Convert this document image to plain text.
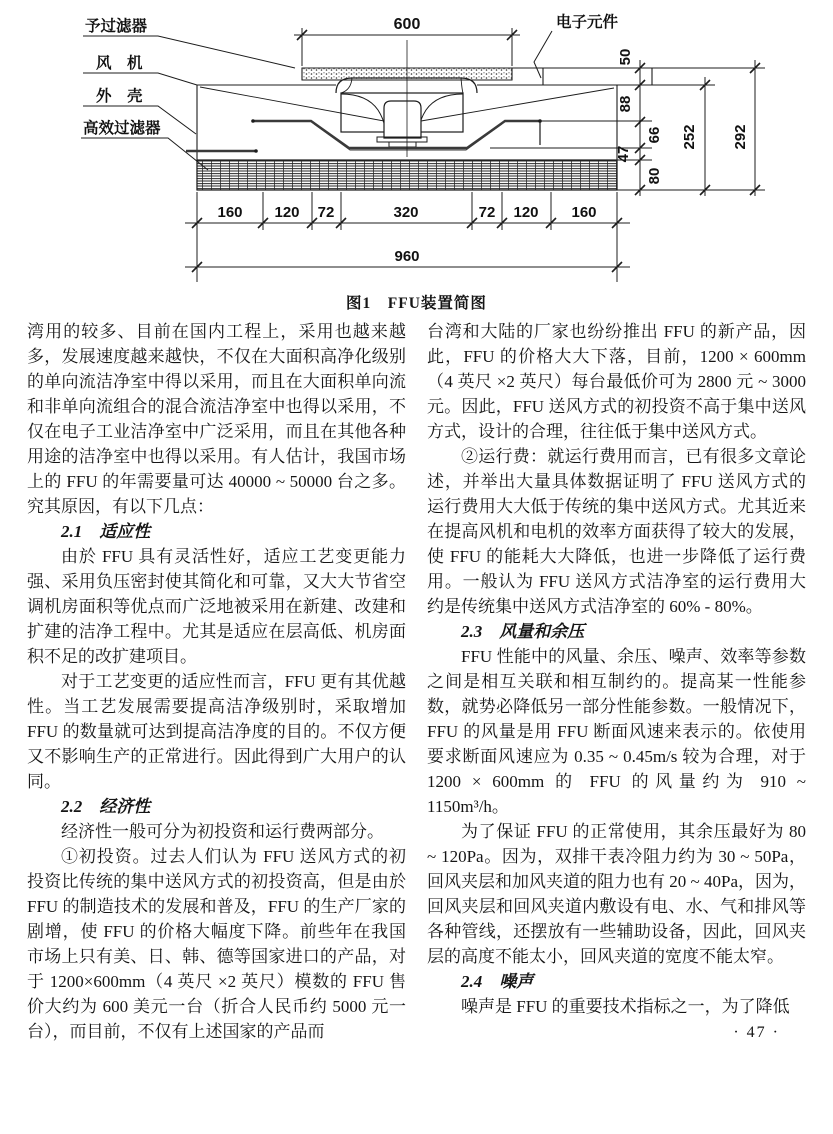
600
50
88
66
47
80
252 292
160 120 72	320	72 120 160
960
予过滤器
风　机
外　壳
高效过滤器
电子元件
图1　FFU装置简图

湾用的较多、目前在国内工程上，采用也越来越多，发展速度越来越快，不仅在大面积高净化级别的单向流洁净室中得以采用，而且在大面积单向流和非单向流组合的混合流洁净室中也得以采用，不仅在电子工业洁净室中广泛采用，而且在其他各种用途的洁净室中也得以采用。有人估计，我国市场上的 FFU 的年需要量可达 40000 ~ 50000 台之多。究其原因，有以下几点：

2.1　适应性

由於 FFU 具有灵活性好，适应工艺变更能力强、采用负压密封使其简化和可靠，又大大节省空调机房面积等优点而广泛地被采用在新建、改建和扩建的洁净工程中。尤其是适应在层高低、机房面积不足的改扩建项目。

对于工艺变更的适应性而言，FFU 更有其优越性。当工艺发展需要提高洁净级别时，采取增加 FFU 的数量就可达到提高洁净度的目的。不仅方便又不影响生产的正常进行。因此得到广大用户的认同。

2.2　经济性

经济性一般可分为初投资和运行费两部分。

①初投资。过去人们认为 FFU 送风方式的初投资比传统的集中送风方式的初投资高，但是由於 FFU 的制造技术的发展和普及，FFU 的生产厂家的剧增，使 FFU 的价格大幅度下降。前些年在我国市场上只有美、日、韩、德等国家进口的产品，对于 1200×600mm（4 英尺 ×2 英尺）模数的 FFU 售价大约为 600 美元一台（折合人民币约 5000 元一台），而目前，不仅有上述国家的产品而

台湾和大陆的厂家也纷纷推出 FFU 的新产品，因此，FFU 的价格大大下落，目前，1200 × 600mm（4 英尺 ×2 英尺）每台最低价可为 2800 元 ~ 3000 元。因此，FFU 送风方式的初投资不高于集中送风方式，设计的合理，往往低于集中送风方式。

②运行费：就运行费用而言，已有很多文章论述，并举出大量具体数据证明了 FFU 送风方式的运行费用大大低于传统的集中送风方式。尤其近来在提高风机和电机的效率方面获得了较大的发展，使 FFU 的能耗大大降低，也进一步降低了运行费用。一般认为 FFU 送风方式洁净室的运行费用大约是传统集中送风方式洁净室的 60% - 80%。

2.3　风量和余压

FFU 性能中的风量、余压、噪声、效率等参数之间是相互关联和相互制约的。提高某一性能参数，就势必降低另一部分性能参数。一般情况下，FFU 的风量是用 FFU 断面风速来表示的。依使用要求断面风速应为 0.35 ~ 0.45m/s 较为合理，对于 1200 × 600mm 的 FFU 的风量约为 910 ~ 1150m³/h。

为了保证 FFU 的正常使用，其余压最好为 80 ~ 120Pa。因为，双排干表冷阻力约为 30 ~ 50Pa，回风夹层和加风夹道的阻力也有 20 ~ 40Pa，因为，回风夹层和回风夹道内敷设有电、水、气和排风等各种管线，还摆放有一些辅助设备，因此，回风夹层的高度不能太小，回风夹道的宽度不能太窄。

2.4　噪声

噪声是 FFU 的重要技术指标之一，为了降低

· 47 ·
